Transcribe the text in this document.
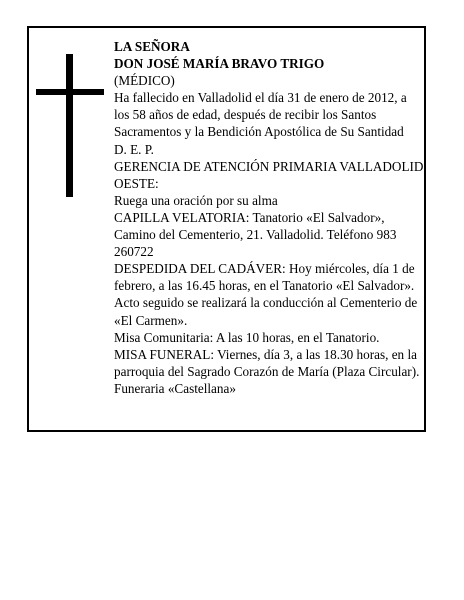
LA SEÑORA

DON JOSÉ MARÍA BRAVO TRIGO

(MÉDICO)

Ha fallecido en Valladolid el día 31 de enero de 2012, a los 58 años de edad, después de recibir los Santos Sacramentos y la Bendición Apostólica de Su Santidad

D. E. P.

GERENCIA DE ATENCIÓN PRIMARIA VALLADOLID OESTE:

Ruega una oración por su alma

CAPILLA VELATORIA: Tanatorio «El Salvador», Camino del Cementerio, 21. Valladolid. Teléfono 983 260722

DESPEDIDA DEL CADÁVER: Hoy miércoles, día 1 de febrero, a las 16.45 horas, en el Tanatorio «El Salvador». Acto seguido se realizará la conducción al Cementerio de «El Carmen».

Misa Comunitaria: A las 10 horas, en el Tanatorio.

MISA FUNERAL: Viernes, día 3, a las 18.30 horas, en la parroquia del Sagrado Corazón de María (Plaza Circular).

Funeraria «Castellana»
